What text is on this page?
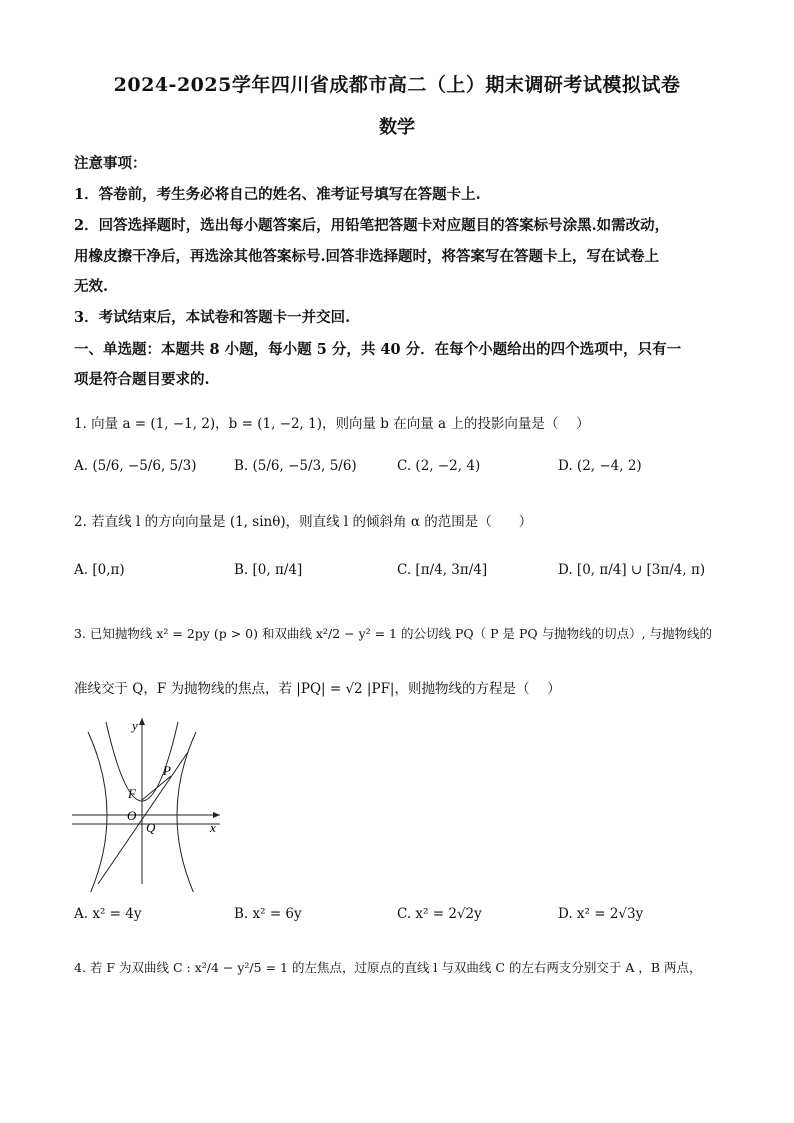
2024-2025学年四川省成都市高二（上）期末调研考试模拟试卷
数学
注意事项：
1．答卷前，考生务必将自己的姓名、准考证号填写在答题卡上.
2．回答选择题时，选出每小题答案后，用铅笔把答题卡对应题目的答案标号涂黑.如需改动，
用橡皮擦干净后，再选涂其他答案标号.回答非选择题时，将答案写在答题卡上，写在试卷上
无效.
3．考试结束后，本试卷和答题卡一并交回.
一、单选题：本题共 8 小题，每小题 5 分，共 40 分．在每个小题给出的四个选项中，只有一
项是符合题目要求的.
1. 向量 a = (1, −1, 2)，b = (1, −2, 1)，则向量 b 在向量 a 上的投影向量是（　 ）
A. (5/6, −5/6, 5/3)	B. (5/6, −5/3, 5/6)	C. (2, −2, 4)	D. (2, −4, 2)
2. 若直线 l 的方向向量是 (1, sinθ)，则直线 l 的倾斜角 α 的范围是（　　）
A. [0,π)	B. [0, π/4]	C. [π/4, 3π/4]	D. [0, π/4] ∪ [3π/4, π)
3. 已知抛物线 x² = 2py (p > 0) 和双曲线 x²/2 − y² = 1 的公切线 PQ（ P 是 PQ 与抛物线的切点）, 与抛物线的
准线交于 Q，F 为抛物线的焦点，若 |PQ| = √2 |PF|，则抛物线的方程是（　 ）
y
x
P
F
O
Q
A. x² = 4y	B. x² = 6y	C. x² = 2√2y	D. x² = 2√3y
4. 若 F 为双曲线 C : x²/4 − y²/5 = 1 的左焦点，过原点的直线 l 与双曲线 C 的左右两支分别交于 A ，B 两点，
